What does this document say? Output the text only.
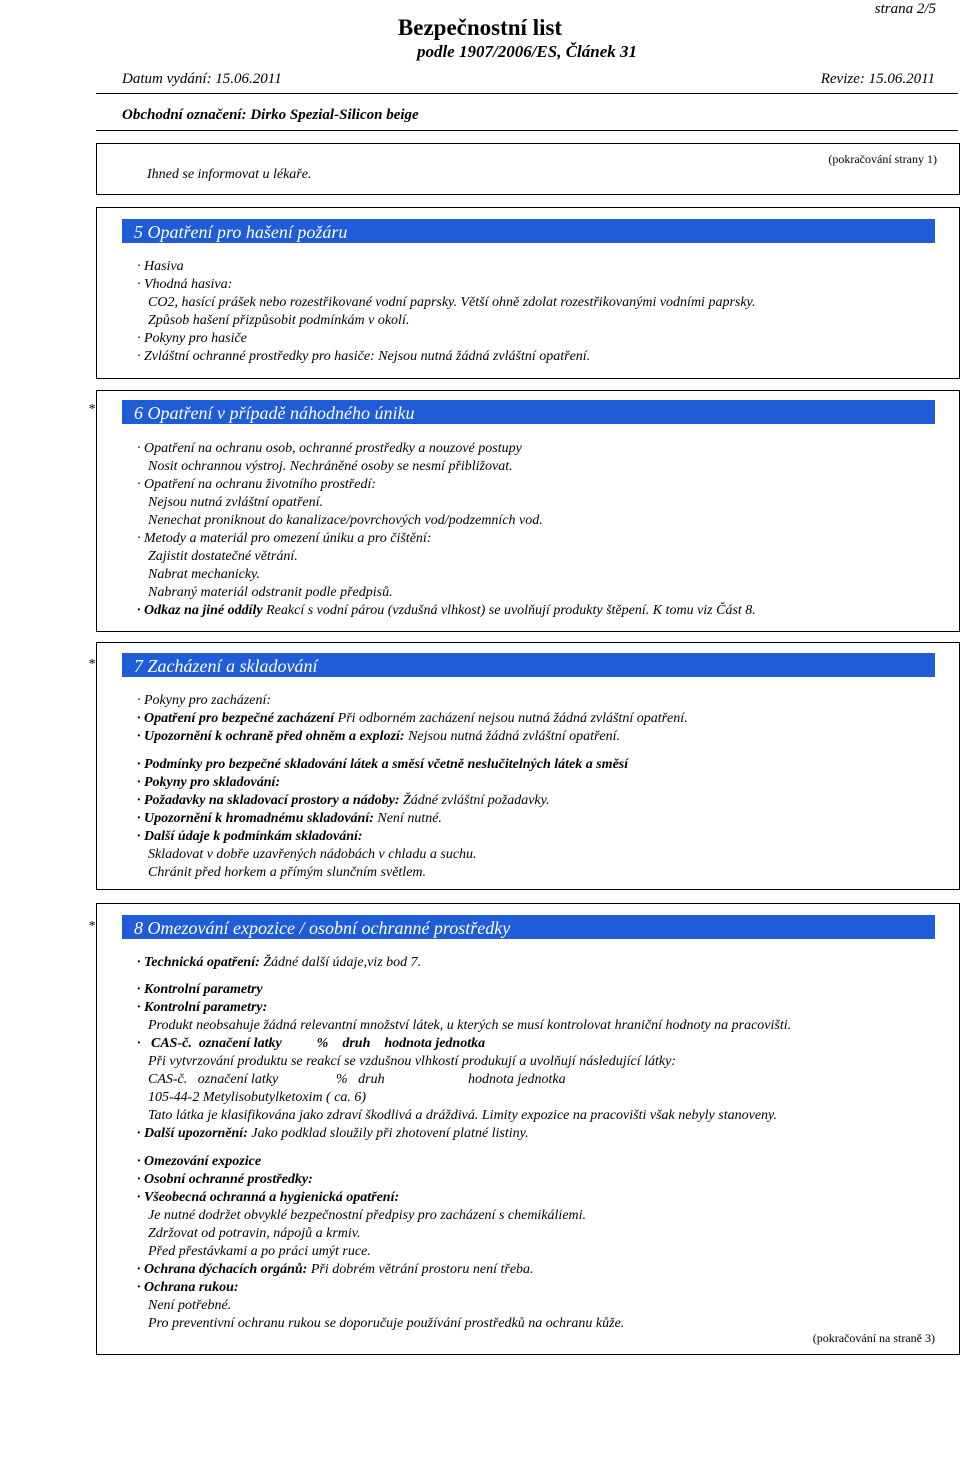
strana 2/5
Bezpečnostní list
podle 1907/2006/ES, Článek 31
Datum vydání: 15.06.2011	Revize: 15.06.2011
Obchodní označení: Dirko Spezial-Silicon beige
(pokračování strany 1)
Ihned se informovat u lékaře.
5 Opatření pro hašení požáru
· Hasiva
· Vhodná hasiva:
CO2, hasící prášek nebo rozestřikované vodní paprsky. Větší ohně zdolat rozestřikovanými vodními paprsky.
Způsob hašení přizpůsobit podmínkám v okolí.
· Pokyny pro hasiče
· Zvláštní ochranné prostředky pro hasiče: Nejsou nutná žádná zvláštní opatření.
* 6 Opatření v případě náhodného úniku
· Opatření na ochranu osob, ochranné prostředky a nouzové postupy
Nosit ochrannou výstroj. Nechráněné osoby se nesmí přibližovat.
· Opatření na ochranu životního prostředí:
Nejsou nutná zvláštní opatření.
Nenechat proniknout do kanalizace/povrchových vod/podzemních vod.
· Metody a materiál pro omezení úniku a pro čištění:
Zajistit dostatečné větrání.
Nabrat mechanicky.
Nabraný materiál odstranit podle předpisů.
· Odkaz na jiné oddíly Reakcí s vodní párou (vzdušná vlhkost) se uvolňují produkty štěpení. K tomu viz Část 8.
* 7 Zacházení a skladování
· Pokyny pro zacházení:
· Opatření pro bezpečné zacházení Při odborném zacházení nejsou nutná žádná zvláštní opatření.
· Upozornění k ochraně před ohněm a explozí: Nejsou nutná žádná zvláštní opatření.
· Podmínky pro bezpečné skladování látek a směsí včetně neslučitelných látek a směsí
· Pokyny pro skladování:
· Požadavky na skladovací prostory a nádoby: Žádné zvláštní požadavky.
· Upozornění k hromadnému skladování: Není nutné.
· Další údaje k podmínkám skladování:
Skladovat v dobře uzavřených nádobách v chladu a suchu.
Chránit před horkem a přímým slunčním světlem.
* 8 Omezování expozice / osobní ochranné prostředky
· Technická opatření: Žádné další údaje,viz bod 7.
· Kontrolní parametry
· Kontrolní parametry:
Produkt neobsahuje žádná relevantní množství látek, u kterých se musí kontrolovat hraniční hodnoty na pracovišti.
·   CAS-č.  označení latky          %    druh    hodnota jednotka
Při vytvrzování produktu se reakcí se vzdušnou vlhkostí produkují a uvolňují následující látky:
CAS-č.   označení latky	%   druh	hodnota jednotka
105-44-2 Metylisobutylketoxim ( ca. 6)
Tato látka je klasifikována jako zdraví škodlivá a dráždivá. Limity expozice na pracovišti však nebyly stanoveny.
· Další upozornění: Jako podklad sloužily při zhotovení platné listiny.
· Omezování expozice
· Osobní ochranné prostředky:
· Všeobecná ochranná a hygienická opatření:
Je nutné dodržet obvyklé bezpečnostní předpisy pro zacházení s chemikáliemi.
Zdržovat od potravin, nápojů a krmiv.
Před přestávkami a po práci umýt ruce.
· Ochrana dýchacích orgánů: Při dobrém větrání prostoru není třeba.
· Ochrana rukou:
Není potřebné.
Pro preventivní ochranu rukou se doporučuje používání prostředků na ochranu kůže.
(pokračování na straně 3)
